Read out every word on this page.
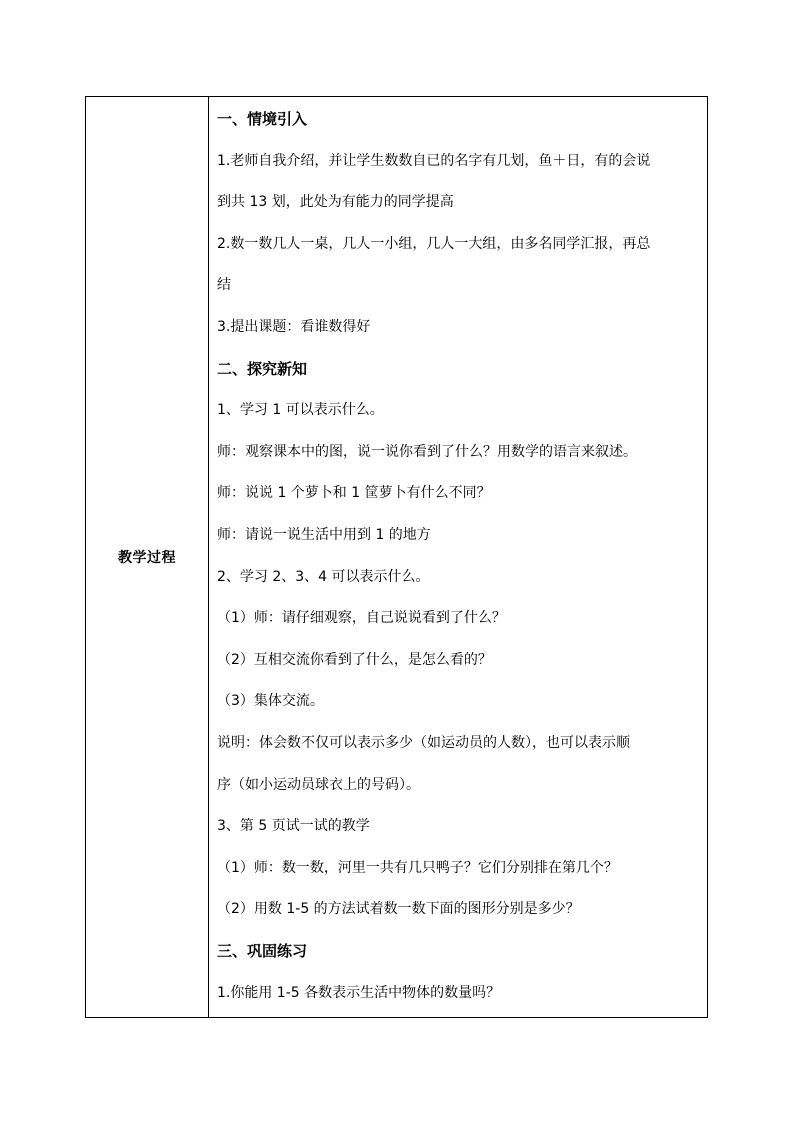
教学过程
一、情境引入
1.老师自我介绍，并让学生数数自已的名字有几划，鱼＋日，有的会说
到共 13 划，此处为有能力的同学提高
2.数一数几人一桌，几人一小组，几人一大组，由多名同学汇报，再总
结
3.提出课题：看谁数得好
二、探究新知
1、学习 1 可以表示什么。
师：观察课本中的图，说一说你看到了什么？用数学的语言来叙述。
师：说说 1 个萝卜和 1 筐萝卜有什么不同？
师：请说一说生活中用到 1 的地方
2、学习 2、3、4 可以表示什么。
（1）师：请仔细观察，自己说说看到了什么？
（2）互相交流你看到了什么，是怎么看的？
（3）集体交流。
说明：体会数不仅可以表示多少（如运动员的人数），也可以表示顺
序（如小运动员球衣上的号码）。
3、第 5 页试一试的教学
（1）师：数一数，河里一共有几只鸭子？它们分别排在第几个？
（2）用数 1-5 的方法试着数一数下面的图形分别是多少？
三、巩固练习
1.你能用 1-5 各数表示生活中物体的数量吗？
